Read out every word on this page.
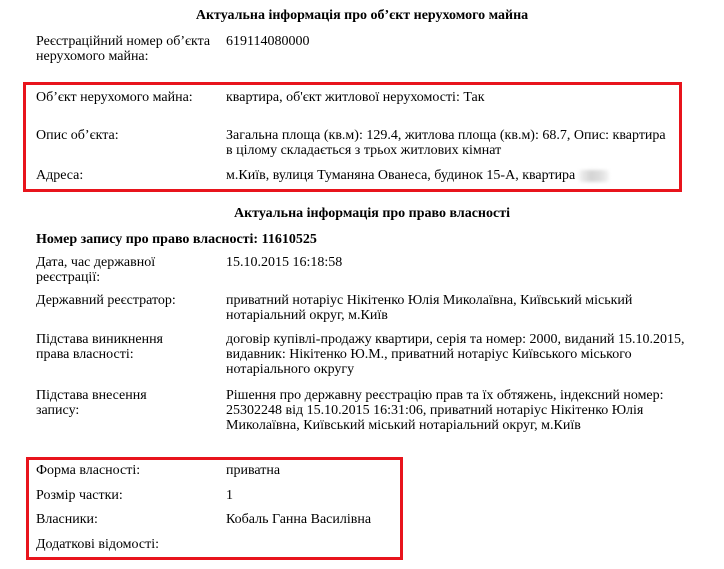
Актуальна інформація про об’єкт нерухомого майна
Реєстраційний номер об’єкта нерухомого майна:
619114080000
Об’єкт нерухомого майна:	квартира, об'єкт житлової нерухомості: Так
Опис об’єкта:	Загальна площа (кв.м): 129.4, житлова площа (кв.м): 68.7, Опис: квартира в цілому складається з трьох житлових кімнат
Адреса:	м.Київ, вулиця Туманяна Ованеса, будинок 15-А, квартира
Актуальна інформація про право власності
Номер запису про право власності: 11610525
Дата, час державної реєстрації:
15.10.2015 16:18:58
Державний реєстратор:	приватний нотаріус Нікітенко Юлія Миколаївна, Київський міський нотаріальний округ, м.Київ
Підстава виникнення права власності:
договір купівлі-продажу квартири, серія та номер: 2000, виданий 15.10.2015, видавник: Нікітенко Ю.М., приватний нотаріус Київського міського нотаріального округу
Підстава внесення запису:
Рішення про державну реєстрацію прав та їх обтяжень, індексний номер: 25302248 від 15.10.2015 16:31:06, приватний нотаріус Нікітенко Юлія Миколаївна, Київський міський нотаріальний округ, м.Київ
Форма власності:	приватна
Розмір частки:	1
Власники:	Кобаль Ганна Василівна
Додаткові відомості:
